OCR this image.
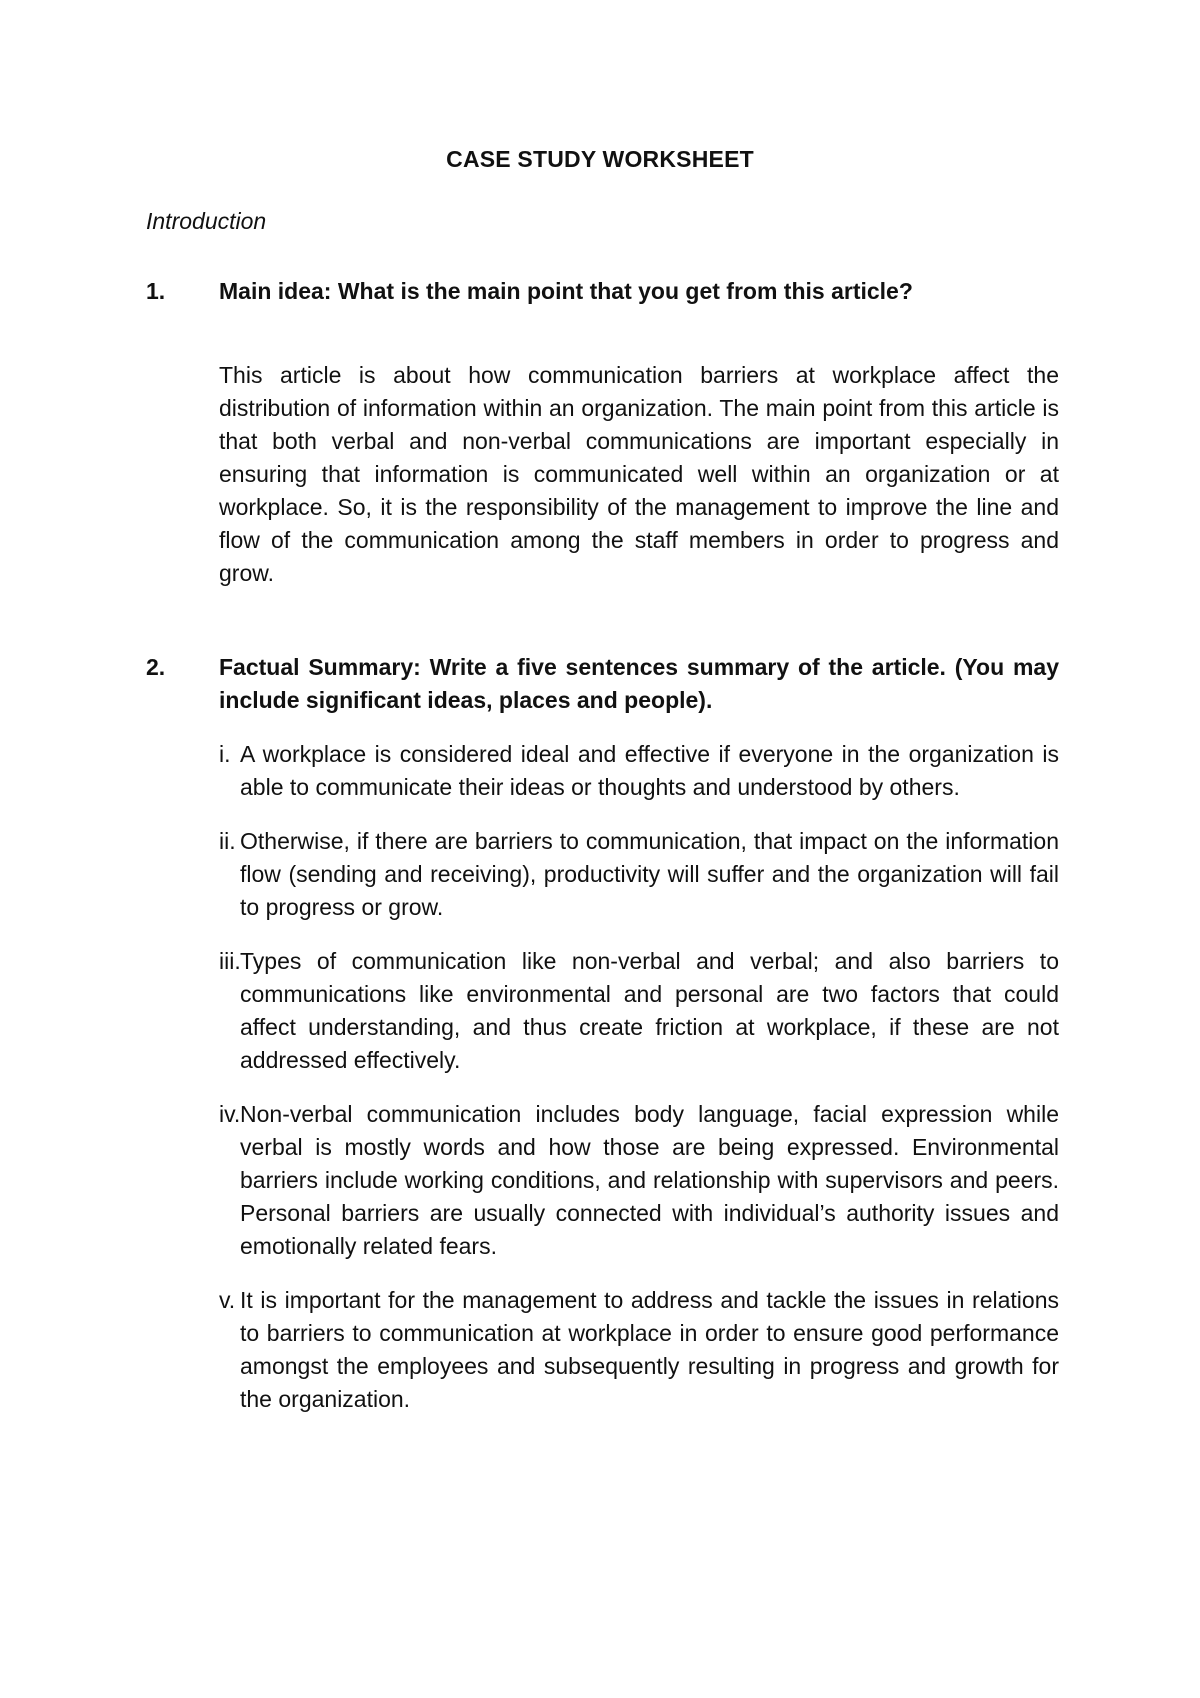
CASE STUDY WORKSHEET
Introduction
1. Main idea: What is the main point that you get from this article?
This article is about how communication barriers at workplace affect the distribution of information within an organization. The main point from this article is that both verbal and non-verbal communications are important especially in ensuring that information is communicated well within an organization or at workplace. So, it is the responsibility of the management to improve the line and flow of the communication among the staff members in order to progress and grow.
2. Factual Summary: Write a five sentences summary of the article. (You may include significant ideas, places and people).
i. A workplace is considered ideal and effective if everyone in the organization is able to communicate their ideas or thoughts and understood by others.
ii. Otherwise, if there are barriers to communication, that impact on the information flow (sending and receiving), productivity will suffer and the organization will fail to progress or grow.
iii. Types of communication like non-verbal and verbal; and also barriers to communications like environmental and personal are two factors that could affect understanding, and thus create friction at workplace, if these are not addressed effectively.
iv. Non-verbal communication includes body language, facial expression while verbal is mostly words and how those are being expressed. Environmental barriers include working conditions, and relationship with supervisors and peers. Personal barriers are usually connected with individual’s authority issues and emotionally related fears.
v. It is important for the management to address and tackle the issues in relations to barriers to communication at workplace in order to ensure good performance amongst the employees and subsequently resulting in progress and growth for the organization.
